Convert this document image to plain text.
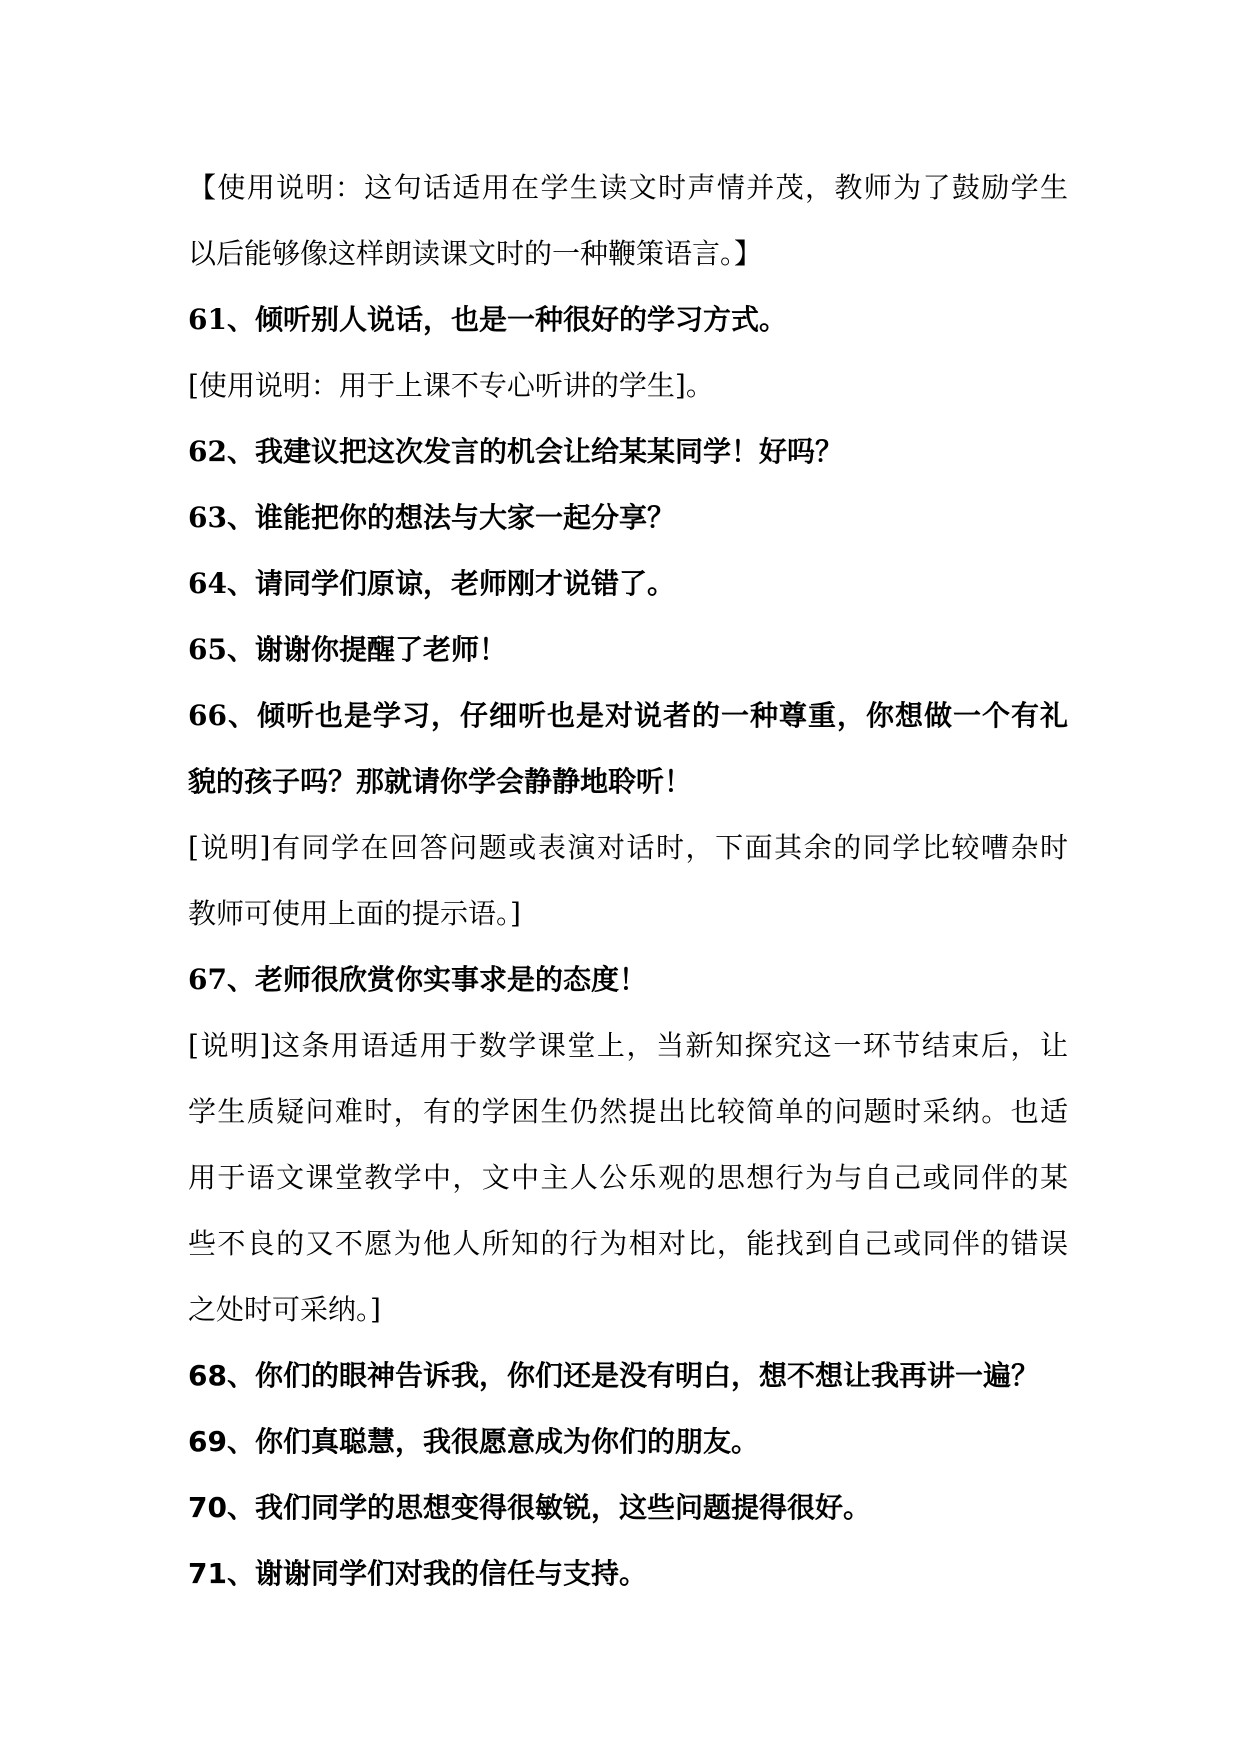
【使用说明：这句话适用在学生读文时声情并茂，教师为了鼓励学生
以后能够像这样朗读课文时的一种鞭策语言。】
61、倾听别人说话，也是一种很好的学习方式。
[使用说明：用于上课不专心听讲的学生]。
62、我建议把这次发言的机会让给某某同学！好吗？
63、谁能把你的想法与大家一起分享？
64、请同学们原谅，老师刚才说错了。
65、谢谢你提醒了老师！
66、倾听也是学习，仔细听也是对说者的一种尊重，你想做一个有礼
貌的孩子吗？那就请你学会静静地聆听！
[说明]有同学在回答问题或表演对话时，下面其余的同学比较嘈杂时
教师可使用上面的提示语。]
67、老师很欣赏你实事求是的态度！
[说明]这条用语适用于数学课堂上，当新知探究这一环节结束后，让
学生质疑问难时，有的学困生仍然提出比较简单的问题时采纳。也适
用于语文课堂教学中，文中主人公乐观的思想行为与自己或同伴的某
些不良的又不愿为他人所知的行为相对比，能找到自己或同伴的错误
之处时可采纳。]
68、你们的眼神告诉我，你们还是没有明白，想不想让我再讲一遍？
69、你们真聪慧，我很愿意成为你们的朋友。
70、我们同学的思想变得很敏锐，这些问题提得很好。
71、谢谢同学们对我的信任与支持。
